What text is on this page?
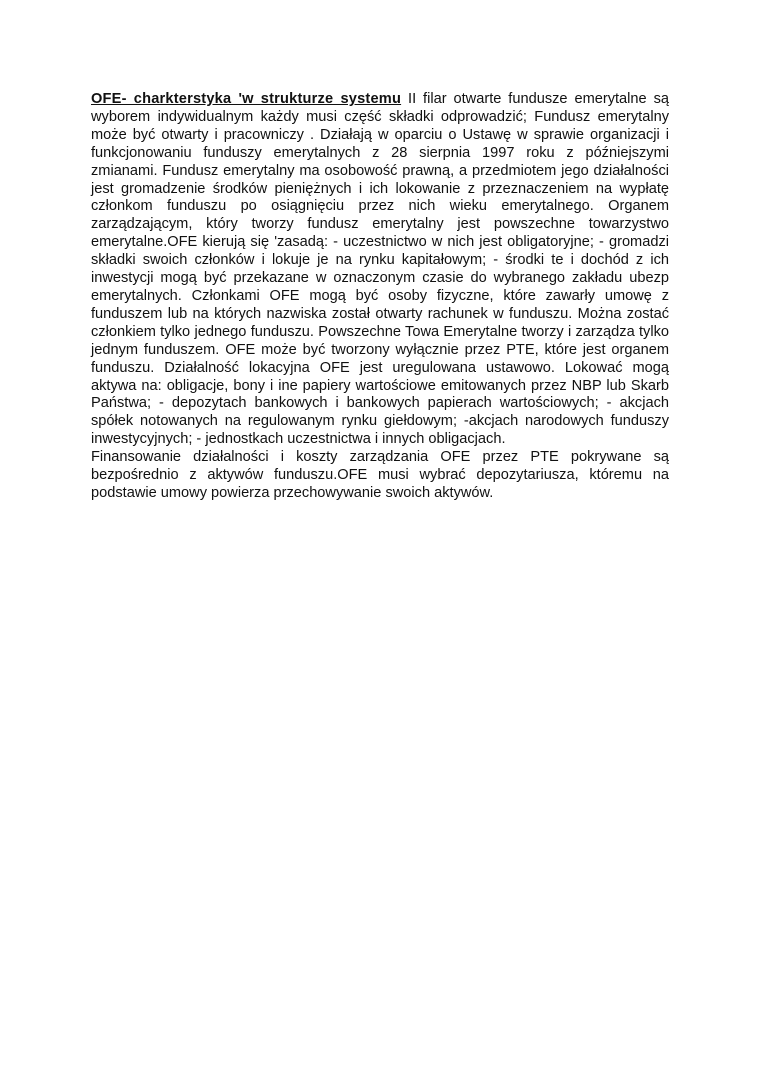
OFE- charkterstyka 'w strukturze systemu II filar otwarte fundusze emerytalne są wyborem indywidualnym każdy musi część składki odprowadzić; Fundusz emerytalny może być otwarty i pracowniczy . Działają w oparciu o Ustawę w sprawie organizacji i funkcjonowaniu funduszy emerytalnych z 28 sierpnia 1997 roku z późniejszymi zmianami. Fundusz emerytalny ma osobowość prawną, a przedmiotem jego działalności jest gromadzenie środków pieniężnych i ich lokowanie z przeznaczeniem na wypłatę członkom funduszu po osiągnięciu przez nich wieku emerytalnego. Organem zarządzającym, który tworzy fundusz emerytalny jest powszechne towarzystwo emerytalne.OFE kierują się 'zasadą: - uczestnictwo w nich jest obligatoryjne; - gromadzi składki swoich członków i lokuje je na rynku kapitałowym; - środki te i dochód z ich inwestycji mogą być przekazane w oznaczonym czasie do wybranego zakładu ubezp emerytalnych. Członkami OFE mogą być osoby fizyczne, które zawarły umowę z funduszem lub na których nazwiska został otwarty rachunek w funduszu. Można zostać członkiem tylko jednego funduszu. Powszechne Towa Emerytalne tworzy i zarządza tylko jednym funduszem. OFE może być tworzony wyłącznie przez PTE, które jest organem funduszu. Działalność lokacyjna OFE jest uregulowana ustawowo. Lokować mogą aktywa na: obligacje, bony i ine papiery wartościowe emitowanych przez NBP lub Skarb Państwa; - depozytach bankowych i bankowych papierach wartościowych; - akcjach spółek notowanych na regulowanym rynku giełdowym; -akcjach narodowych funduszy inwestycyjnych; - jednostkach uczestnictwa i innych obligacjach.

Finansowanie działalności i koszty zarządzania OFE przez PTE pokrywane są bezpośrednio z aktywów funduszu.OFE musi wybrać depozytariusza, któremu na podstawie umowy powierza przechowywanie swoich aktywów.
